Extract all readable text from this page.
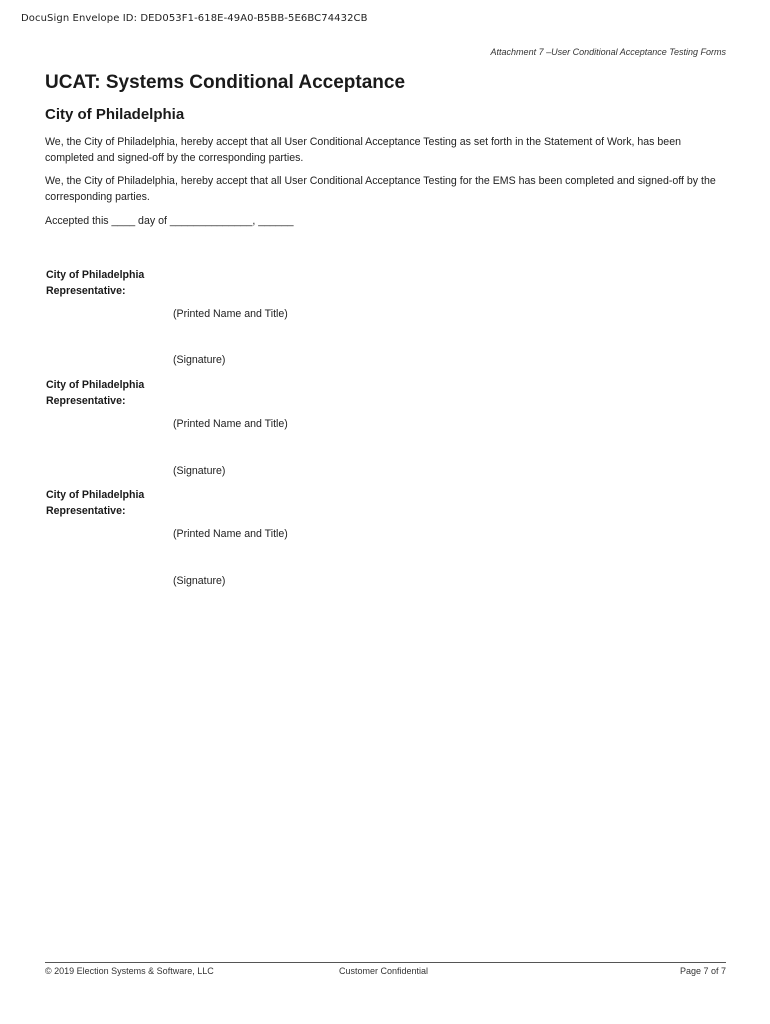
DocuSign Envelope ID: DED053F1-618E-49A0-B5BB-5E6BC74432CB
Attachment 7 –User Conditional Acceptance Testing Forms
UCAT: Systems Conditional Acceptance
City of Philadelphia

We, the City of Philadelphia, hereby accept that all User Conditional Acceptance Testing as set forth in the Statement of Work, has been completed and signed-off by the corresponding parties.

We, the City of Philadelphia, hereby accept that all User Conditional Acceptance Testing for the EMS has been completed and signed-off by the corresponding parties.

Accepted this ____ day of ______________, ______

City of Philadelphia
Representative:

(Printed Name and Title)
(Signature)

City of Philadelphia
Representative:

(Printed Name and Title)
(Signature)

City of Philadelphia
Representative:

(Printed Name and Title)
(Signature)
© 2019 Election Systems & Software, LLC	Customer Confidential	Page 7 of 7
